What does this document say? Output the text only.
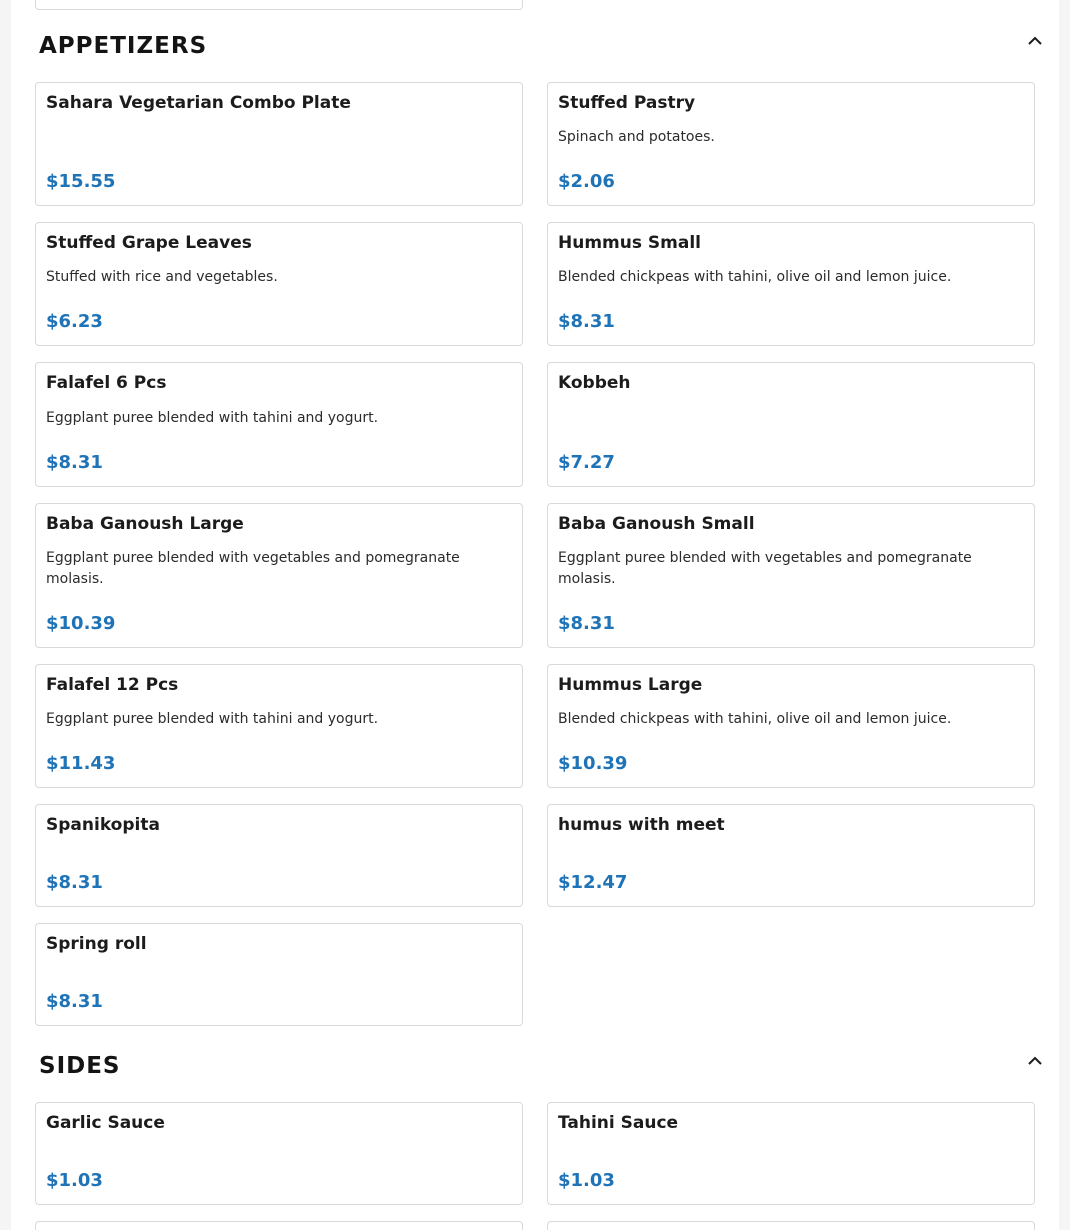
APPETIZERS
Sahara Vegetarian Combo Plate
$15.55
Stuffed Pastry
Spinach and potatoes.
$2.06
Stuffed Grape Leaves
Stuffed with rice and vegetables.
$6.23
Hummus Small
Blended chickpeas with tahini, olive oil and lemon juice.
$8.31
Falafel 6 Pcs
Eggplant puree blended with tahini and yogurt.
$8.31
Kobbeh
$7.27
Baba Ganoush Large
Eggplant puree blended with vegetables and pomegranate molasis.
$10.39
Baba Ganoush Small
Eggplant puree blended with vegetables and pomegranate molasis.
$8.31
Falafel 12 Pcs
Eggplant puree blended with tahini and yogurt.
$11.43
Hummus Large
Blended chickpeas with tahini, olive oil and lemon juice.
$10.39
Spanikopita
$8.31
humus with meet
$12.47
Spring roll
$8.31
SIDES
Garlic Sauce
$1.03
Tahini Sauce
$1.03
